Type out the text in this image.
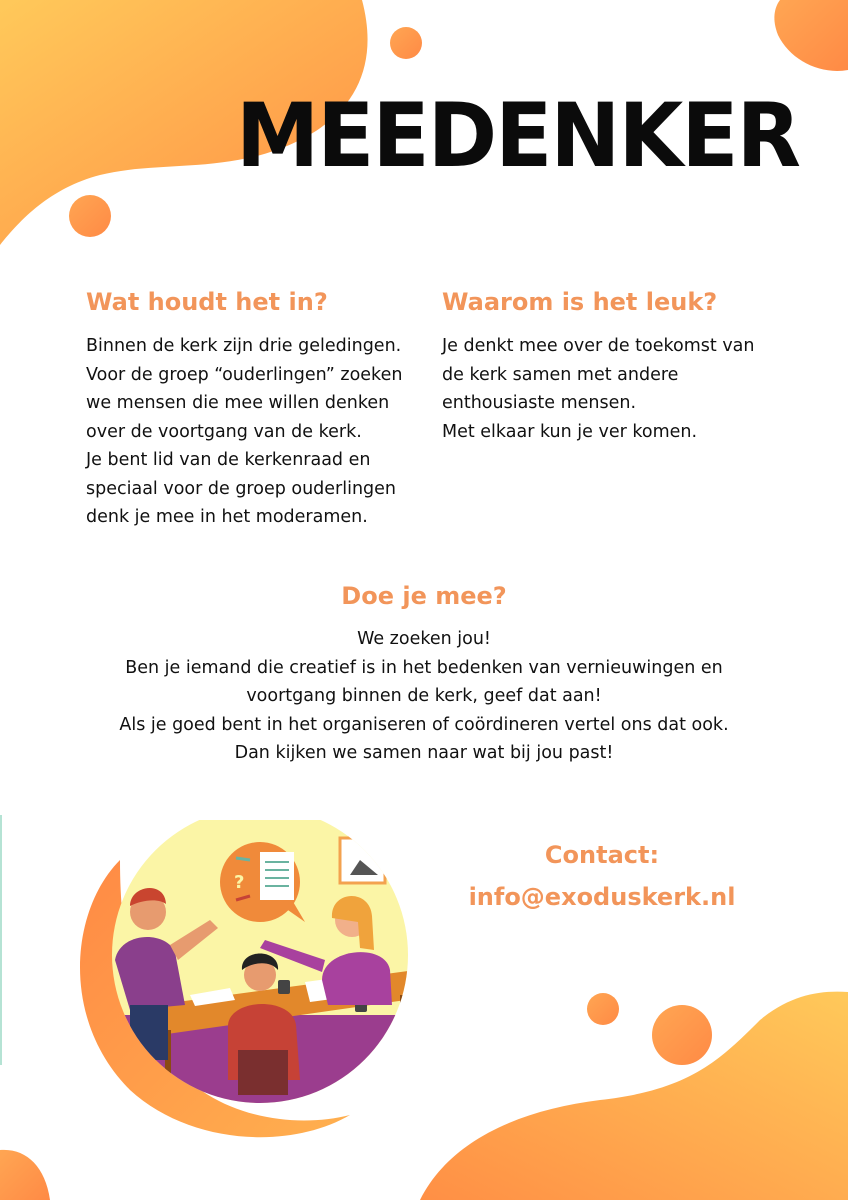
MEEDENKER
Wat houdt het in?
Binnen de kerk zijn drie geledingen.
Voor de groep “ouderlingen” zoeken
we mensen die mee willen denken
over de voortgang van de kerk.
Je bent lid van de kerkenraad en
speciaal voor de groep ouderlingen
denk je mee in het moderamen.
Waarom is het leuk?
Je denkt mee over de toekomst van
de kerk samen met andere
enthousiaste mensen.
Met elkaar kun je ver komen.
Doe je mee?
We zoeken jou!
Ben je iemand die creatief is in het bedenken van vernieuwingen en
voortgang binnen de kerk, geef dat aan!
Als je goed bent in het organiseren of coördineren vertel ons dat ook.
Dan kijken we samen naar wat bij jou past!
Contact:
info@exoduskerk.nl
?
